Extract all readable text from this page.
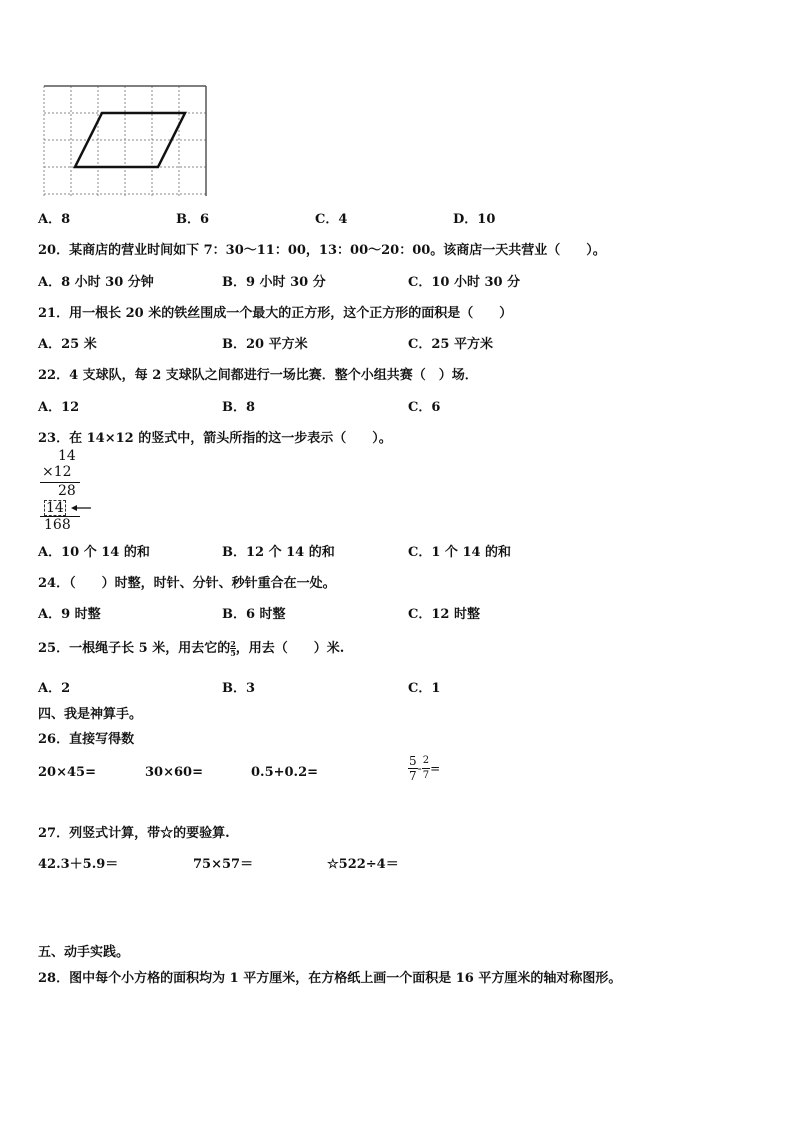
A．8	B．6	C．4	D．10
20．某商店的营业时间如下 7：30～11：00，13：00～20：00。该商店一天共营业（　　）。
A．8 小时 30 分钟	B．9 小时 30 分	C．10 小时 30 分
21．用一根长 20 米的铁丝围成一个最大的正方形，这个正方形的面积是（　　）
A．25 米	B．20 平方米	C．25 平方米
22．4 支球队，每 2 支球队之间都进行一场比赛．整个小组共赛（　）场．
A．12	B．8	C．6
23．在 14×12 的竖式中，箭头所指的这一步表示（　　）。
14
×12
28
14
168
A．10 个 14 的和	B．12 个 14 的和	C．1 个 14 的和
24．（　　）时整，时针、分针、秒针重合在一处。
A．9 时整	B．6 时整	C．12 时整
25．一根绳子长 5 米，用去它的 $\frac{2}{5}$，用去（　　）米.
A．2	B．3	C．1
四、我是神算手。
26．直接写得数
20×45=	30×60=	0.5+0.2=	$\frac{5}{7} - \frac{2}{7}$ =
27．列竖式计算，带☆的要验算.
42.3＋5.9＝	75×57＝	☆522÷4＝
五、动手实践。
28．图中每个小方格的面积均为 1 平方厘米，在方格纸上画一个面积是 16 平方厘米的轴对称图形。
